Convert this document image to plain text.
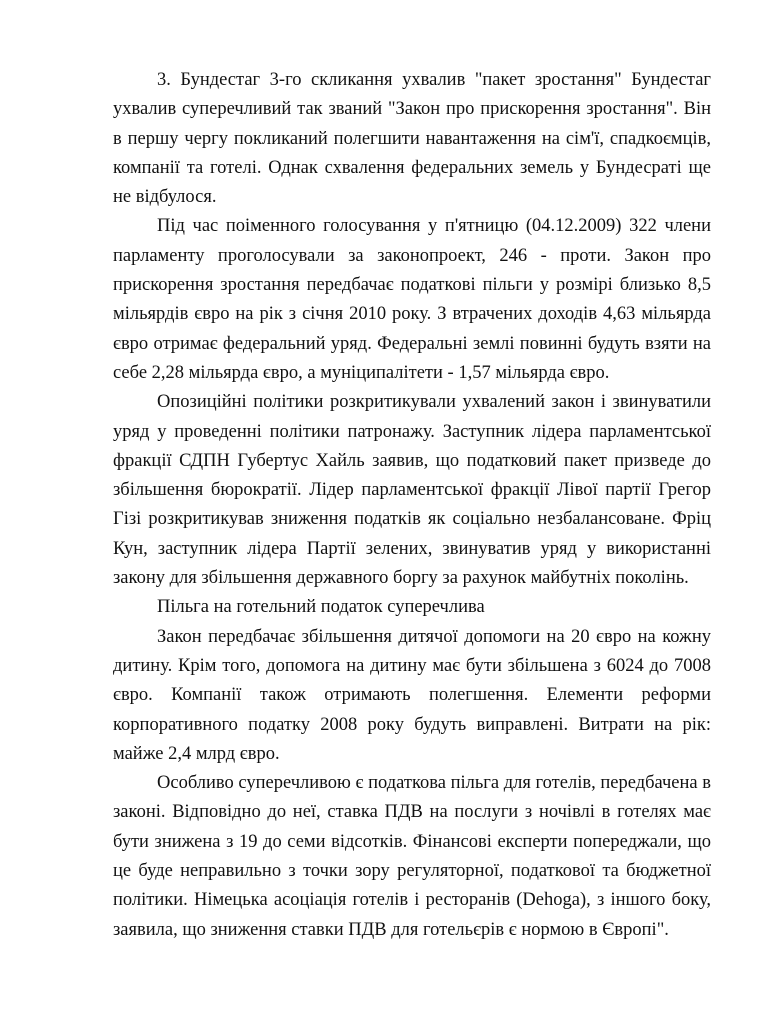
3. Бундестаг 3-го скликання ухвалив "пакет зростання" Бундестаг ухвалив суперечливий так званий "Закон про прискорення зростання". Він в першу чергу покликаний полегшити навантаження на сім'ї, спадкоємців, компанії та готелі. Однак схвалення федеральних земель у Бундесраті ще не відбулося.

Під час поіменного голосування у п'ятницю (04.12.2009) 322 члени парламенту проголосували за законопроект, 246 - проти. Закон про прискорення зростання передбачає податкові пільги у розмірі близько 8,5 мільярдів євро на рік з січня 2010 року. З втрачених доходів 4,63 мільярда євро отримає федеральний уряд. Федеральні землі повинні будуть взяти на себе 2,28 мільярда євро, а муніципалітети - 1,57 мільярда євро.

Опозиційні політики розкритикували ухвалений закон і звинуватили уряд у проведенні політики патронажу. Заступник лідера парламентської фракції СДПН Губертус Хайль заявив, що податковий пакет призведе до збільшення бюрократії. Лідер парламентської фракції Лівої партії Грегор Гізі розкритикував зниження податків як соціально незбалансоване. Фріц Кун, заступник лідера Партії зелених, звинуватив уряд у використанні закону для збільшення державного боргу за рахунок майбутніх поколінь.

Пільга на готельний податок суперечлива

Закон передбачає збільшення дитячої допомоги на 20 євро на кожну дитину. Крім того, допомога на дитину має бути збільшена з 6024 до 7008 євро. Компанії також отримають полегшення. Елементи реформи корпоративного податку 2008 року будуть виправлені. Витрати на рік: майже 2,4 млрд євро.

Особливо суперечливою є податкова пільга для готелів, передбачена в законі. Відповідно до неї, ставка ПДВ на послуги з ночівлі в готелях має бути знижена з 19 до семи відсотків. Фінансові експерти попереджали, що це буде неправильно з точки зору регуляторної, податкової та бюджетної політики. Німецька асоціація готелів і ресторанів (Dehoga), з іншого боку, заявила, що зниження ставки ПДВ для готельєрів є нормою в Європі".
